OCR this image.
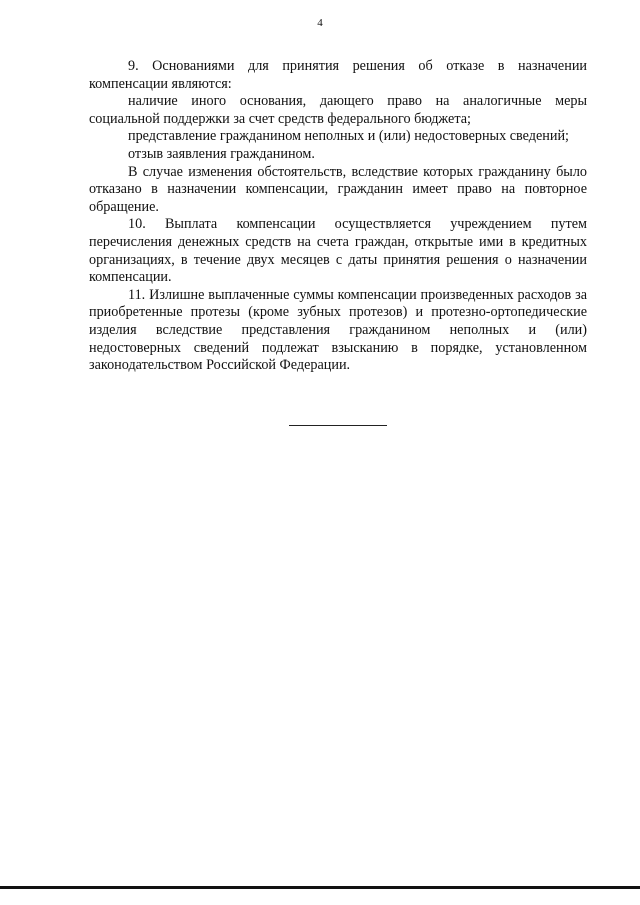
4

9. Основаниями для принятия решения об отказе в назначении компенсации являются:

наличие иного основания, дающего право на аналогичные меры социальной поддержки за счет средств федерального бюджета;

представление гражданином неполных и (или) недостоверных сведений;

отзыв заявления гражданином.

В случае изменения обстоятельств, вследствие которых гражданину было отказано в назначении компенсации, гражданин имеет право на повторное обращение.

10. Выплата компенсации осуществляется учреждением путем перечисления денежных средств на счета граждан, открытые ими в кредитных организациях, в течение двух месяцев с даты принятия решения о назначении компенсации.

11. Излишне выплаченные суммы компенсации произведенных расходов за приобретенные протезы (кроме зубных протезов) и протезно-ортопедические изделия вследствие представления гражданином неполных и (или) недостоверных сведений подлежат взысканию в порядке, установленном законодательством Российской Федерации.
